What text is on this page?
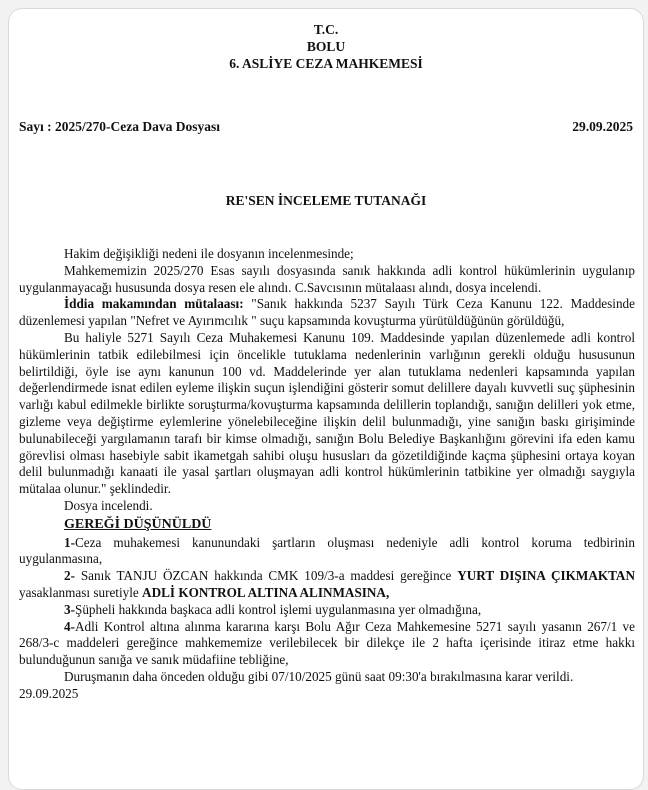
T.C.
BOLU
6. ASLİYE CEZA MAHKEMESİ
Sayı : 2025/270-Ceza Dava Dosyası	29.09.2025
RE'SEN İNCELEME TUTANAĞI

Hakim değişikliği nedeni ile dosyanın incelenmesinde;

Mahkememizin 2025/270 Esas sayılı dosyasında sanık hakkında adli kontrol hükümlerinin uygulanıp uygulanmayacağı hususunda dosya resen ele alındı. C.Savcısının mütalaası alındı, dosya incelendi.

İddia makamından mütalaası: "Sanık hakkında 5237 Sayılı Türk Ceza Kanunu 122. Maddesinde düzenlemesi yapılan "Nefret ve Ayırımcılık " suçu kapsamında kovuşturma yürütüldüğünün görüldüğü,

Bu haliyle 5271 Sayılı Ceza Muhakemesi Kanunu 109. Maddesinde yapılan düzenlemede adli kontrol hükümlerinin tatbik edilebilmesi için öncelikle tutuklama nedenlerinin varlığının gerekli olduğu hususunun belirtildiği, öyle ise aynı kanunun 100 vd. Maddelerinde yer alan tutuklama nedenleri kapsamında yapılan değerlendirmede isnat edilen eyleme ilişkin suçun işlendiğini gösterir somut delillere dayalı kuvvetli suç şüphesinin varlığı kabul edilmekle birlikte soruşturma/kovuşturma kapsamında delillerin toplandığı, sanığın delilleri yok etme, gizleme veya değiştirme eylemlerine yönelebileceğine ilişkin delil bulunmadığı, yine sanığın baskı girişiminde bulunabileceği yargılamanın tarafı bir kimse olmadığı, sanığın Bolu Belediye Başkanlığını görevini ifa eden kamu görevlisi olması hasebiyle sabit ikametgah sahibi oluşu hususları da gözetildiğinde kaçma şüphesini ortaya koyan delil bulunmadığı kanaati ile yasal şartları oluşmayan adli kontrol hükümlerinin tatbikine yer olmadığı saygıyla mütalaa olunur." şeklindedir.

Dosya incelendi.

GEREĞİ DÜŞÜNÜLDÜ

1-Ceza muhakemesi kanunundaki şartların oluşması nedeniyle adli kontrol koruma tedbirinin uygulanmasına,

2- Sanık TANJU ÖZCAN hakkında CMK 109/3-a maddesi gereğince YURT DIŞINA ÇIKMAKTAN yasaklanması suretiyle ADLİ KONTROL ALTINA ALINMASINA,

3-Şüpheli hakkında başkaca adli kontrol işlemi uygulanmasına yer olmadığına,

4-Adli Kontrol altına alınma kararına karşı Bolu Ağır Ceza Mahkemesine 5271 sayılı yasanın 267/1 ve 268/3-c maddeleri gereğince mahkememize verilebilecek bir dilekçe ile 2 hafta içerisinde itiraz etme hakkı bulunduğunun sanığa ve sanık müdafiine tebliğine,

Duruşmanın daha önceden olduğu gibi 07/10/2025 günü saat 09:30'a bırakılmasına karar verildi.

29.09.2025
